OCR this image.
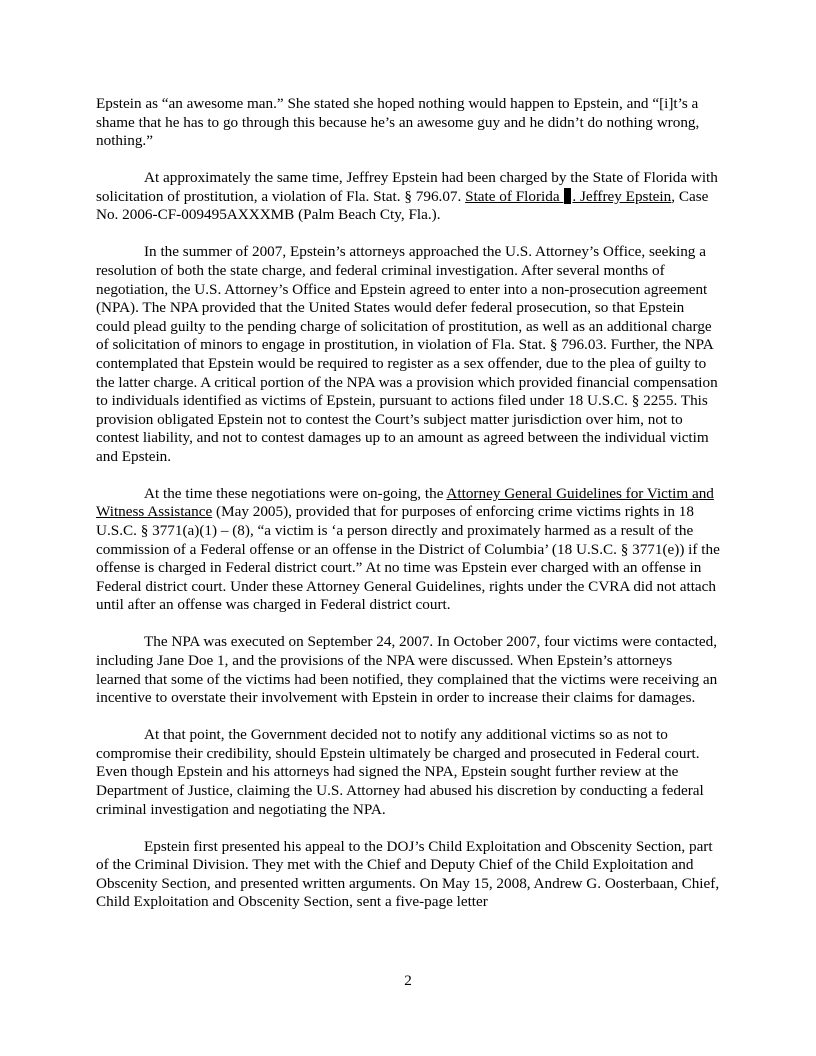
Epstein as “an awesome man.” She stated she hoped nothing would happen to Epstein, and “[i]t’s a shame that he has to go through this because he’s an awesome guy and he didn’t do nothing wrong, nothing.”

At approximately the same time, Jeffrey Epstein had been charged by the State of Florida with solicitation of prostitution, a violation of Fla. Stat. § 796.07. State of Florida . Jeffrey Epstein, Case No. 2006-CF-009495AXXXMB (Palm Beach Cty, Fla.).

In the summer of 2007, Epstein’s attorneys approached the U.S. Attorney’s Office, seeking a resolution of both the state charge, and federal criminal investigation. After several months of negotiation, the U.S. Attorney’s Office and Epstein agreed to enter into a non-prosecution agreement (NPA). The NPA provided that the United States would defer federal prosecution, so that Epstein could plead guilty to the pending charge of solicitation of prostitution, as well as an additional charge of solicitation of minors to engage in prostitution, in violation of Fla. Stat. § 796.03. Further, the NPA contemplated that Epstein would be required to register as a sex offender, due to the plea of guilty to the latter charge. A critical portion of the NPA was a provision which provided financial compensation to individuals identified as victims of Epstein, pursuant to actions filed under 18 U.S.C. § 2255. This provision obligated Epstein not to contest the Court’s subject matter jurisdiction over him, not to contest liability, and not to contest damages up to an amount as agreed between the individual victim and Epstein.

At the time these negotiations were on-going, the Attorney General Guidelines for Victim and Witness Assistance (May 2005), provided that for purposes of enforcing crime victims rights in 18 U.S.C. § 3771(a)(1) – (8), “a victim is ‘a person directly and proximately harmed as a result of the commission of a Federal offense or an offense in the District of Columbia’ (18 U.S.C. § 3771(e)) if the offense is charged in Federal district court.” At no time was Epstein ever charged with an offense in Federal district court. Under these Attorney General Guidelines, rights under the CVRA did not attach until after an offense was charged in Federal district court.

The NPA was executed on September 24, 2007. In October 2007, four victims were contacted, including Jane Doe 1, and the provisions of the NPA were discussed. When Epstein’s attorneys learned that some of the victims had been notified, they complained that the victims were receiving an incentive to overstate their involvement with Epstein in order to increase their claims for damages.

At that point, the Government decided not to notify any additional victims so as not to compromise their credibility, should Epstein ultimately be charged and prosecuted in Federal court. Even though Epstein and his attorneys had signed the NPA, Epstein sought further review at the Department of Justice, claiming the U.S. Attorney had abused his discretion by conducting a federal criminal investigation and negotiating the NPA.

Epstein first presented his appeal to the DOJ’s Child Exploitation and Obscenity Section, part of the Criminal Division. They met with the Chief and Deputy Chief of the Child Exploitation and Obscenity Section, and presented written arguments. On May 15, 2008, Andrew G. Oosterbaan, Chief, Child Exploitation and Obscenity Section, sent a five-page letter

2
